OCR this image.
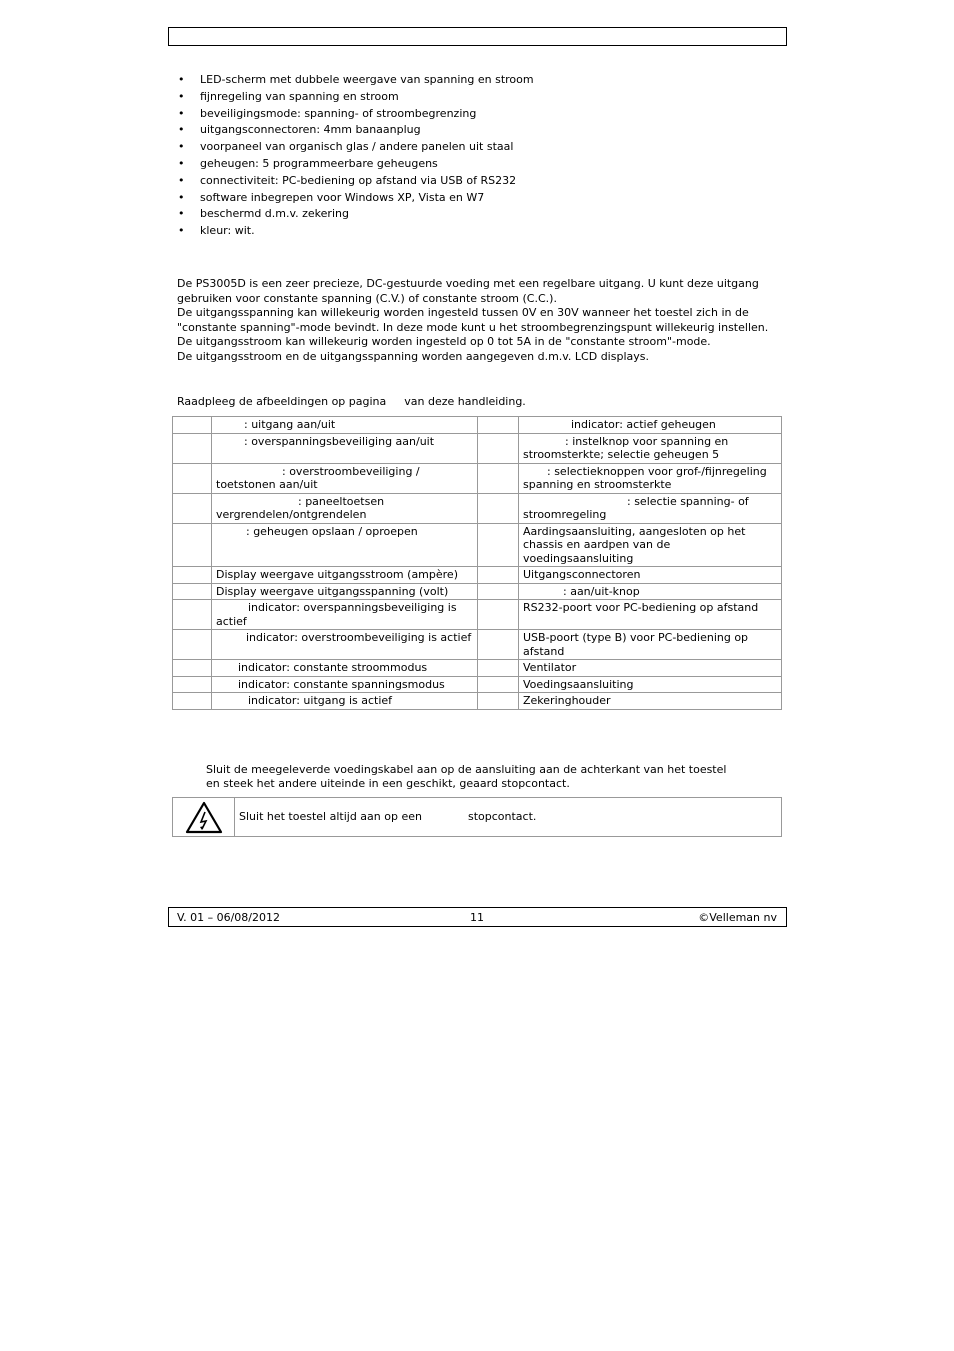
• LED-scherm met dubbele weergave van spanning en stroom
• fijnregeling van spanning en stroom
• beveiligingsmode: spanning- of stroombegrenzing
• uitgangsconnectoren: 4mm banaanplug
• voorpaneel van organisch glas / andere panelen uit staal
• geheugen: 5 programmeerbare geheugens
• connectiviteit: PC-bediening op afstand via USB of RS232
• software inbegrepen voor Windows XP, Vista en W7
• beschermd d.m.v. zekering
• kleur: wit.

De PS3005D is een zeer precieze, DC-gestuurde voeding met een regelbare uitgang. U kunt deze uitgang gebruiken voor constante spanning (C.V.) of constante stroom (C.C.).

De uitgangsspanning kan willekeurig worden ingesteld tussen 0V en 30V wanneer het toestel zich in de "constante spanning"-mode bevindt. In deze mode kunt u het stroombegrenzingspunt willekeurig instellen.

De uitgangsstroom kan willekeurig worden ingesteld op 0 tot 5A in de "constante stroom"-mode.

De uitgangsstroom en de uitgangsspanning worden aangegeven d.m.v. LCD displays.

Raadpleeg de afbeeldingen op pagina van deze handleiding.

	: uitgang aan/uit		indicator: actief geheugen

	: overspanningsbeveiliging aan/uit		: instelknop voor spanning en stroomsterkte; selectie geheugen 5

	: overstroombeveiliging / toetstonen aan/uit		: selectieknoppen voor grof-/fijnregeling spanning en stroomsterkte

	: paneeltoetsen vergrendelen/ontgrendelen		: selectie spanning- of stroomregeling

	: geheugen opslaan / oproepen		Aardingsaansluiting, aangesloten op het chassis en aardpen van de voedingsaansluiting

	Display weergave uitgangsstroom (ampère)		Uitgangsconnectoren

	Display weergave uitgangsspanning (volt)		: aan/uit-knop

	indicator: overspanningsbeveiliging is actief		RS232-poort voor PC-bediening op afstand

	indicator: overstroombeveiliging is actief		USB-poort (type B) voor PC-bediening op afstand

	indicator: constante stroommodus		Ventilator

	indicator: constante spanningsmodus		Voedingsaansluiting

	indicator: uitgang is actief		Zekeringhouder

Sluit de meegeleverde voedingskabel aan op de aansluiting aan de achterkant van het toestel

en steek het andere uiteinde in een geschikt, geaard stopcontact.

Sluit het toestel altijd aan op een	stopcontact.
V. 01 – 06/08/2012	11	©Velleman nv
